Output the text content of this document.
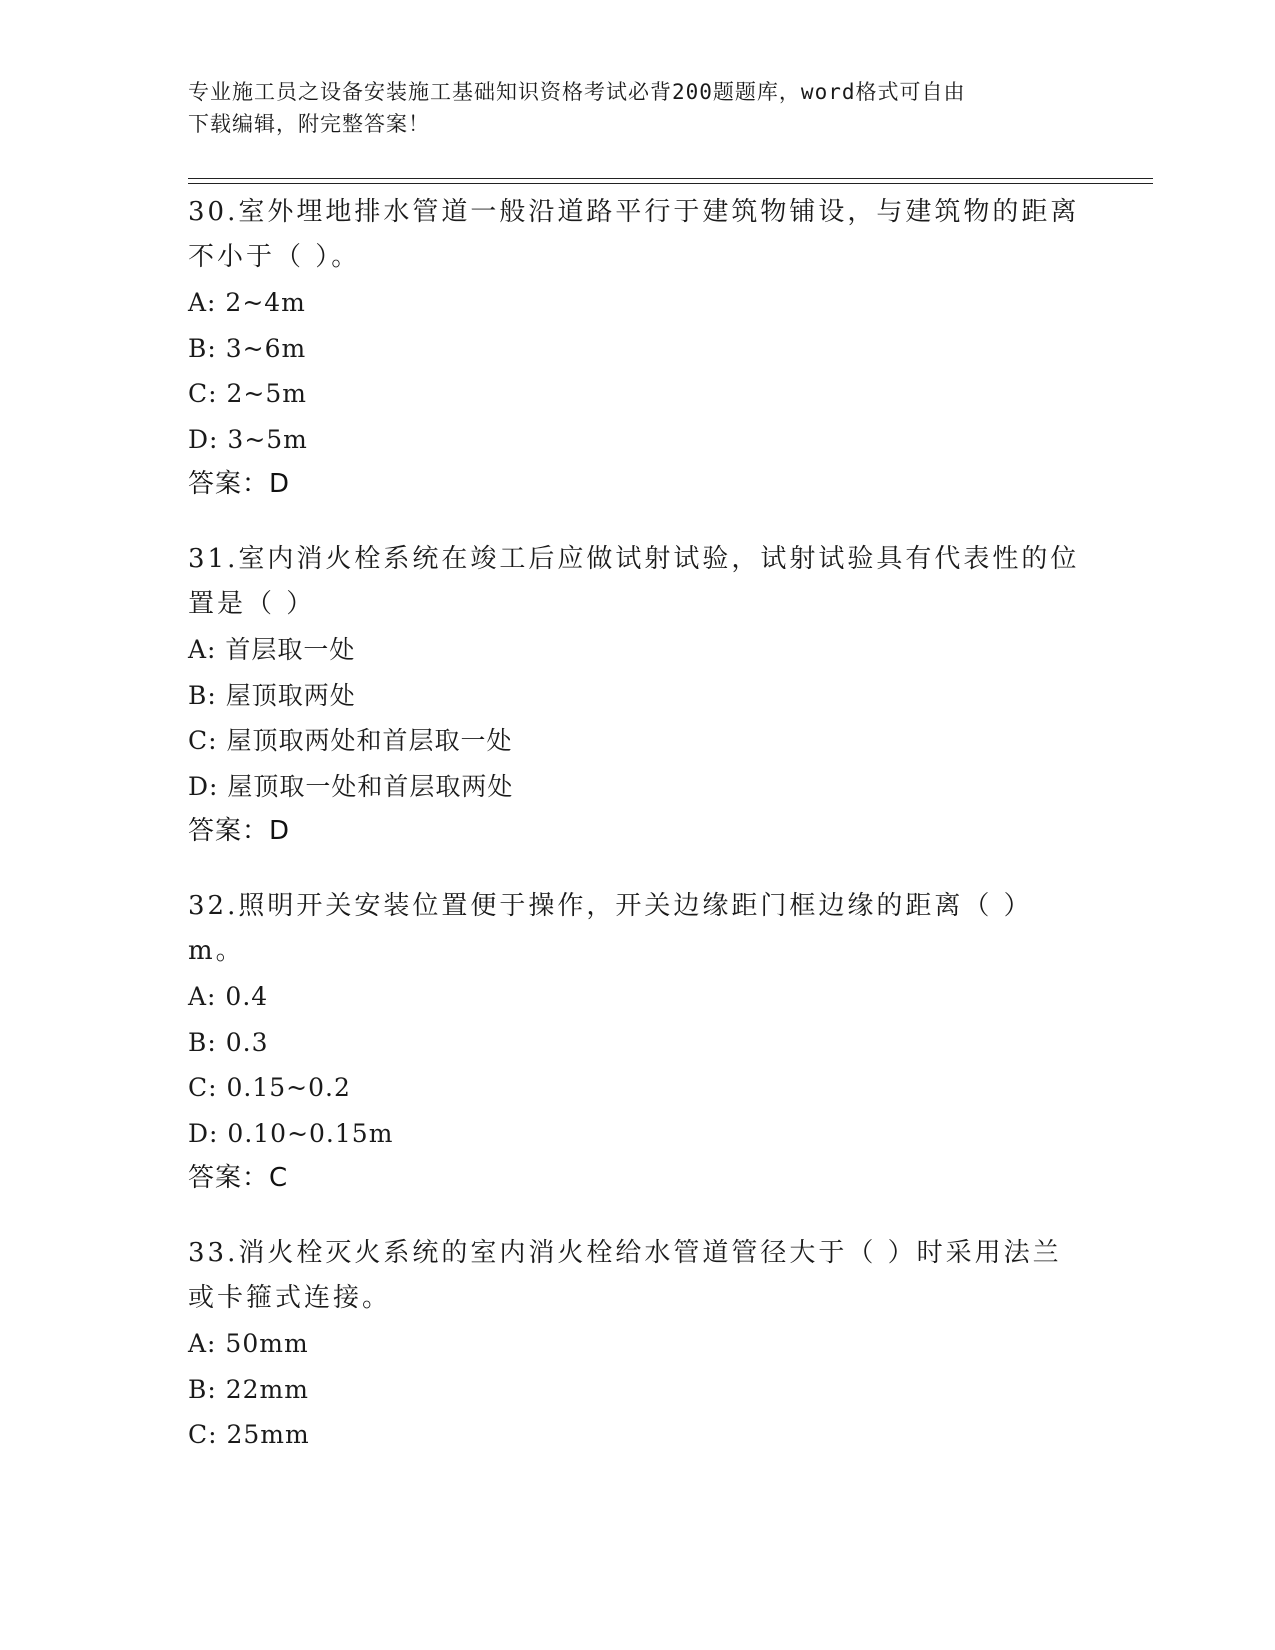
专业施工员之设备安装施工基础知识资格考试必背200题题库，word格式可自由
下载编辑，附完整答案！
30.室外埋地排水管道一般沿道路平行于建筑物铺设，与建筑物的距离
不小于（ ）。
A: 2~4m
B: 3~6m
C: 2~5m
D: 3~5m
答案：D
31.室内消火栓系统在竣工后应做试射试验，试射试验具有代表性的位
置是（ ）
A: 首层取一处
B: 屋顶取两处
C: 屋顶取两处和首层取一处
D: 屋顶取一处和首层取两处
答案：D
32.照明开关安装位置便于操作，开关边缘距门框边缘的距离（ ）m。
A: 0.4
B: 0.3
C: 0.15~0.2
D: 0.10~0.15m
答案：C
33.消火栓灭火系统的室内消火栓给水管道管径大于（ ）时采用法兰
或卡箍式连接。
A: 50mm
B: 22mm
C: 25mm
